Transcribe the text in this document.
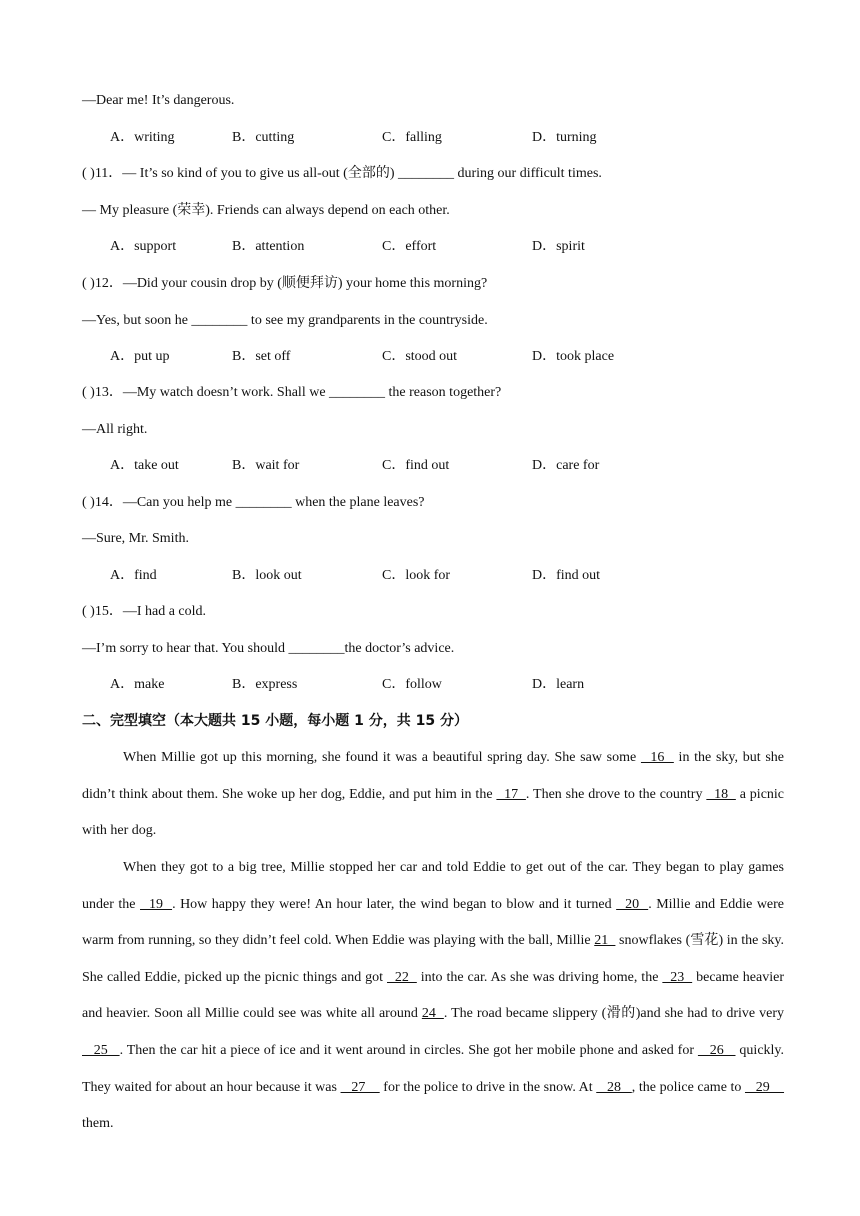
—Dear me! It’s dangerous.
A．writing	B．cutting	C．falling	D．turning
( )11．— It’s so kind of you to give us all-out (全部的) ________ during our difficult times.
— My pleasure (荣幸). Friends can always depend on each other.
A．support	B．attention	C．effort	D．spirit
( )12．—Did your cousin drop by (顺便拜访) your home this morning?
—Yes, but soon he ________ to see my grandparents in the countryside.
A．put up	B．set off	C．stood out	D．took place
( )13．—My watch doesn’t work. Shall we ________ the reason together?
—All right.
A．take out	B．wait for	C．find out	D．care for
( )14．—Can you help me ________ when the plane leaves?
—Sure, Mr. Smith.
A．find	B．look out	C．look for	D．find out
( )15．—I had a cold.
—I’m sorry to hear that. You should ________the doctor’s advice.
A．make	B．express	C．follow	D．learn
二、完型填空（本大题共 15 小题，每小题 1 分，共 15 分）
When Millie got up this morning, she found it was a beautiful spring day. She saw some   16   in the sky, but she didn’t think about them. She woke up her dog, Eddie, and put him in the   17  . Then she drove to the country   18   a picnic with her dog.
When they got to a big tree, Millie stopped her car and told Eddie to get out of the car. They began to play games under the   19  . How happy they were! An hour later, the wind began to blow and it turned   20  . Millie and Eddie were warm from running, so they didn’t feel cold. When Eddie was playing with the ball, Millie 21   snowflakes (雪花) in the sky. She called Eddie, picked up the picnic things and got   22   into the car. As she was driving home, the   23   became heavier and heavier. Soon all Millie could see was white all around 24  . The road became slippery (滑的)and she had to drive very    25   . Then the car hit a piece of ice and it went around in circles. She got her mobile phone and asked for    26    quickly. They waited for about an hour because it was    27     for the police to drive in the snow. At    28   , the police came to    29     them.
